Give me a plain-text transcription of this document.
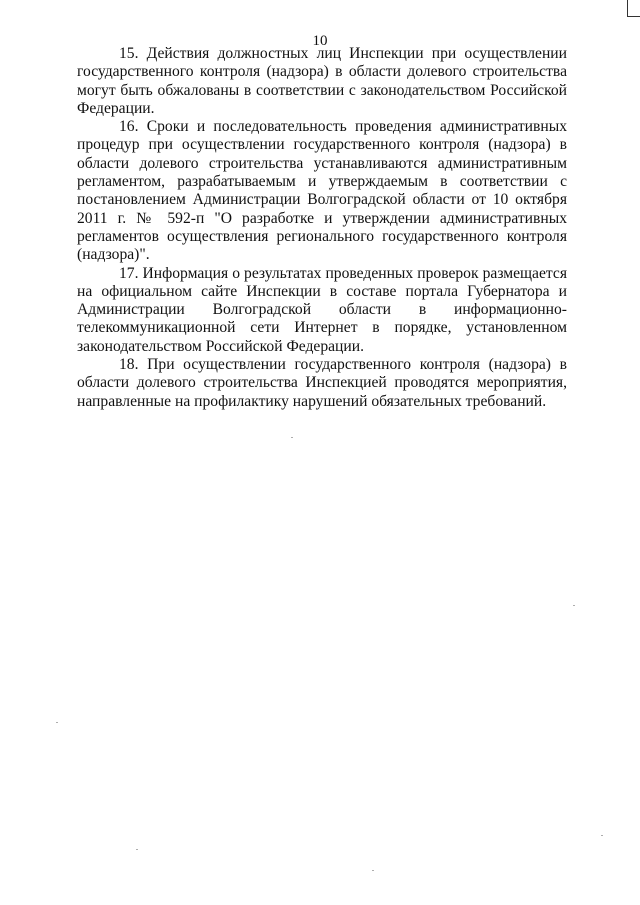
10

15. Действия должностных лиц Инспекции при осуществлении государственного контроля (надзора) в области долевого строительства могут быть обжалованы в соответствии с законодательством Российской Федерации.

16. Сроки и последовательность проведения административных процедур при осуществлении государственного контроля (надзора) в области долевого строительства устанавливаются административным регламентом, разрабатываемым и утверждаемым в соответствии с постановлением Администрации Волгоградской области от 10 октября 2011 г. № 592-п "О разработке и утверждении административных регламентов осуществления регионального государственного контроля (надзора)".

17. Информация о результатах проведенных проверок размещается на официальном сайте Инспекции в составе портала Губернатора и Администрации Волгоградской области в информационно-телекоммуникационной сети Интернет в порядке, установленном законодательством Российской Федерации.

18. При осуществлении государственного контроля (надзора) в области долевого строительства Инспекцией проводятся мероприятия, направленные на профилактику нарушений обязательных требований.
